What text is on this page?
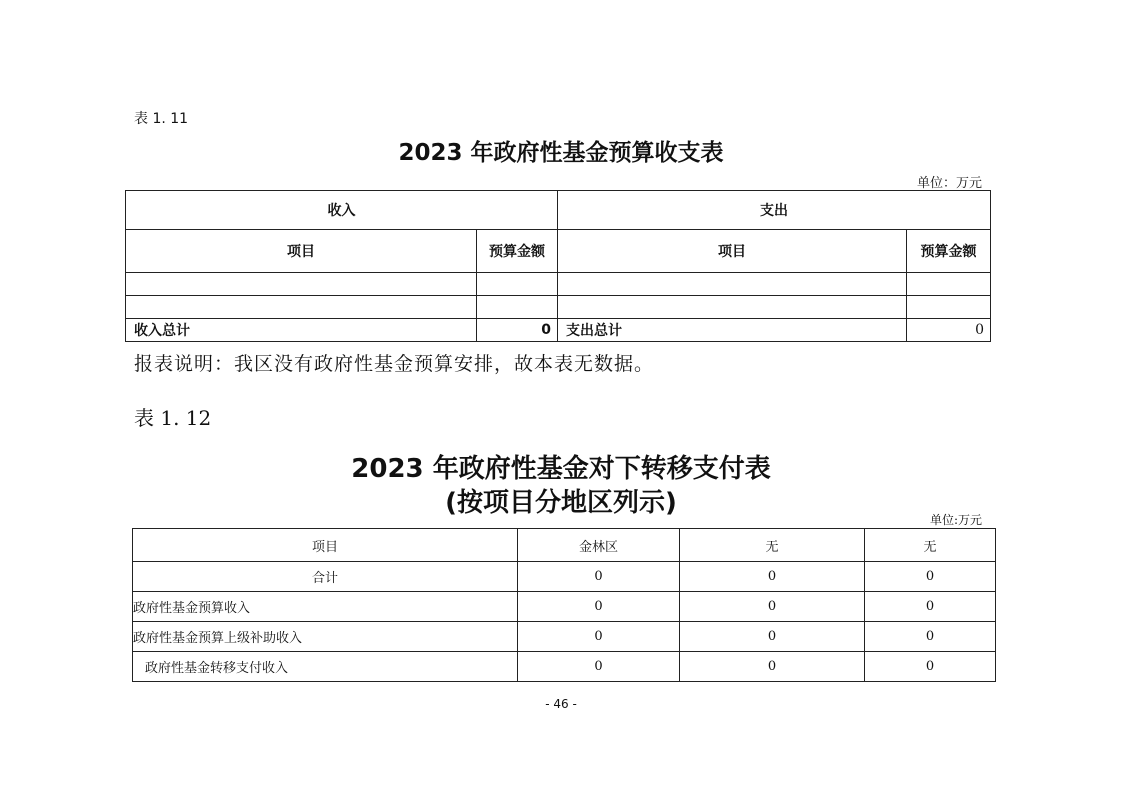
表 1. 11
2023 年政府性基金预算收支表
单位：万元
收入		支出	
项目	预算金额	项目	预算金额

收入总计	0	支出总计	0
报表说明：我区没有政府性基金预算安排，故本表无数据。
表 1. 12
2023 年政府性基金对下转移支付表
(按项目分地区列示)
单位:万元
项目	金林区	无	无
合计	0	0	0
政府性基金预算收入	0	0	0
政府性基金预算上级补助收入	0	0	0
政府性基金转移支付收入	0	0	0
- 46 -
